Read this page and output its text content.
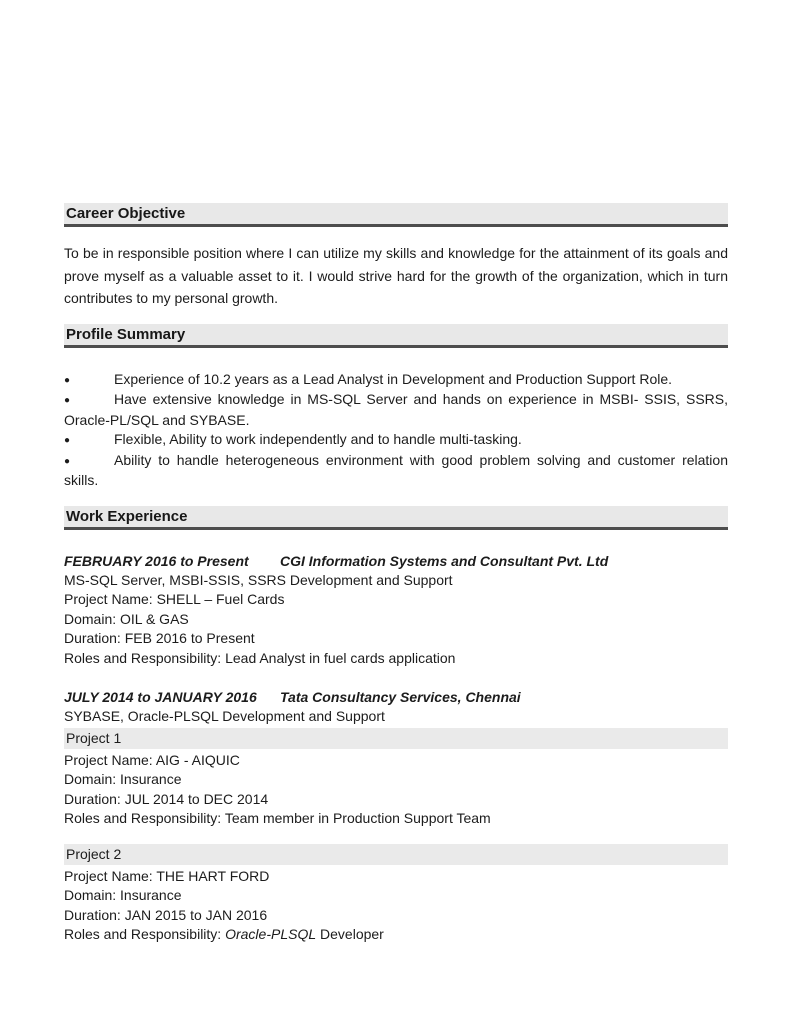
Career Objective

To be in responsible position where I can utilize my skills and knowledge for the attainment of its goals and prove myself as a valuable asset to it. I would strive hard for the growth of the organization, which in turn contributes to my personal growth.

Profile Summary
●	Experience of 10.2 years as a Lead Analyst in Development and Production Support Role.
●	Have extensive knowledge in MS-SQL Server and hands on experience in MSBI- SSIS, SSRS, Oracle-PL/SQL and SYBASE.
●	Flexible, Ability to work independently and to handle multi-tasking.
●	Ability to handle heterogeneous environment with good problem solving and customer relation skills.
Work Experience
FEBRUARY 2016 to Present CGI Information Systems and Consultant Pvt. Ltd
MS-SQL Server, MSBI-SSIS, SSRS Development and Support
Project Name: SHELL – Fuel Cards
Domain: OIL & GAS
Duration: FEB 2016 to Present
Roles and Responsibility: Lead Analyst in fuel cards application
JULY 2014 to JANUARY 2016 Tata Consultancy Services, Chennai
SYBASE, Oracle-PLSQL Development and Support
Project 1
Project Name: AIG - AIQUIC
Domain: Insurance
Duration: JUL 2014 to DEC 2014
Roles and Responsibility: Team member in Production Support Team
Project 2
Project Name: THE HART FORD
Domain: Insurance
Duration: JAN 2015 to JAN 2016
Roles and Responsibility: Oracle-PLSQL Developer
